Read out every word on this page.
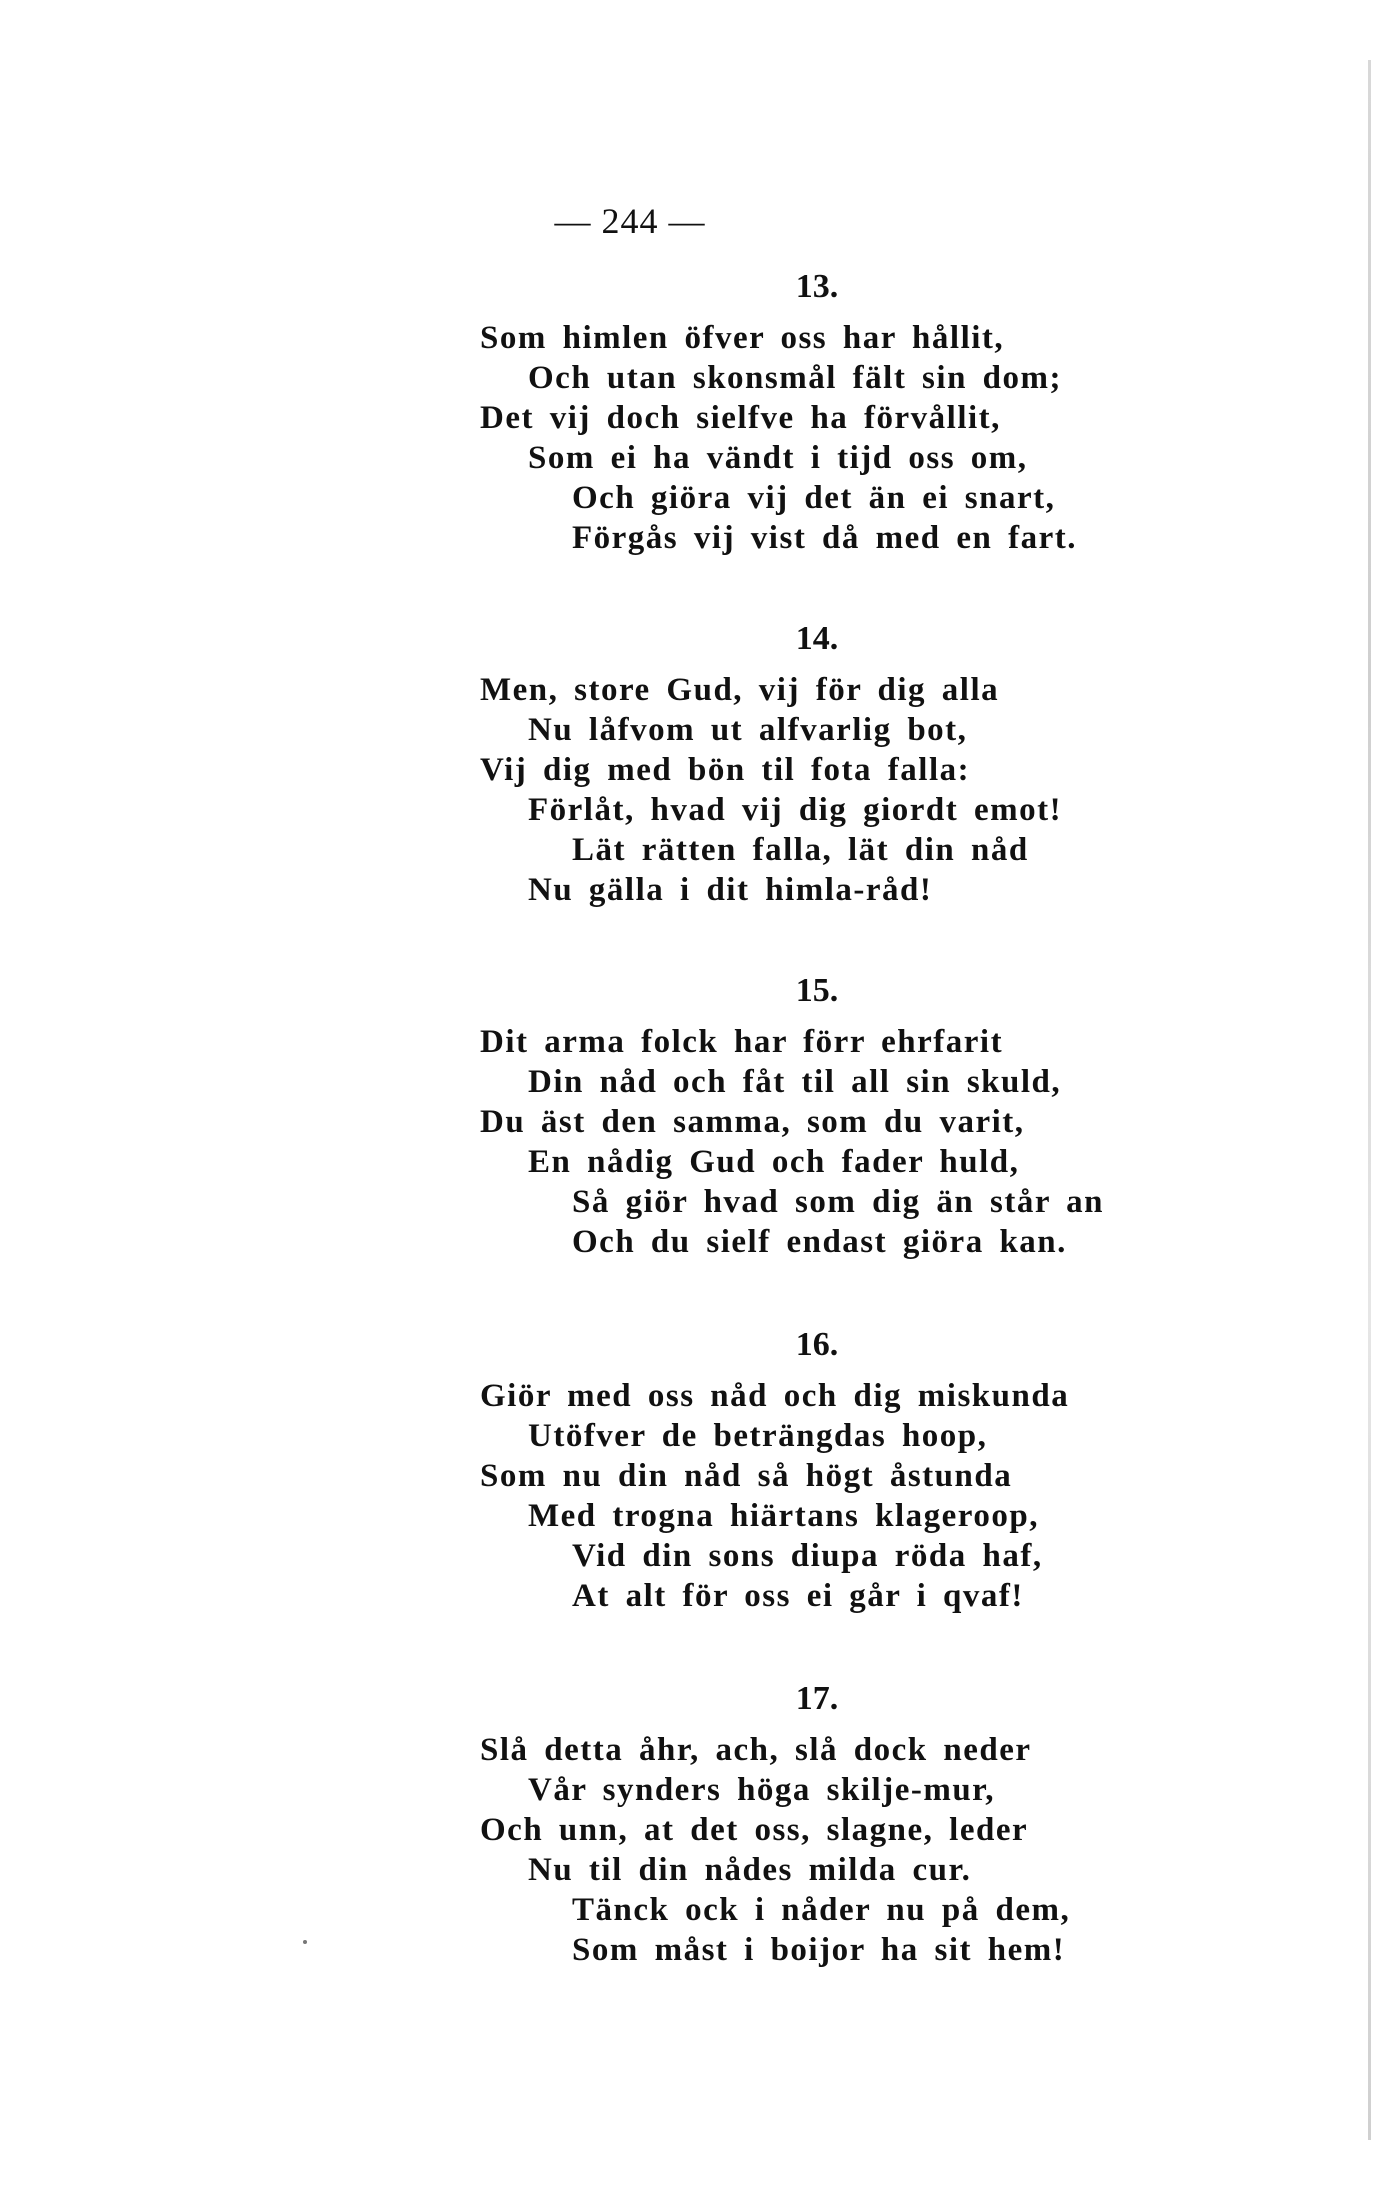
— 244 —
13.
Som himlen öfver oss har hållit,
Och utan skonsmål fält sin dom;
Det vij doch sielfve ha förvållit,
Som ei ha vändt i tijd oss om,
Och giöra vij det än ei snart,
Förgås vij vist då med en fart.
14.
Men, store Gud, vij för dig alla
Nu låfvom ut alfvarlig bot,
Vij dig med bön til fota falla:
Förlåt, hvad vij dig giordt emot!
Lät rätten falla, lät din nåd
Nu gälla i dit himla-råd!
15.
Dit arma folck har förr ehrfarit
Din nåd och fåt til all sin skuld,
Du äst den samma, som du varit,
En nådig Gud och fader huld,
Så giör hvad som dig än står an
Och du sielf endast giöra kan.
16.
Giör med oss nåd och dig miskunda
Utöfver de beträngdas hoop,
Som nu din nåd så högt åstunda
Med trogna hiärtans klageroop,
Vid din sons diupa röda haf,
At alt för oss ei går i qvaf!
17.
Slå detta åhr, ach, slå dock neder
Vår synders höga skilje-mur,
Och unn, at det oss, slagne, leder
Nu til din nådes milda cur.
Tänck ock i nåder nu på dem,
Som måst i boijor ha sit hem!
